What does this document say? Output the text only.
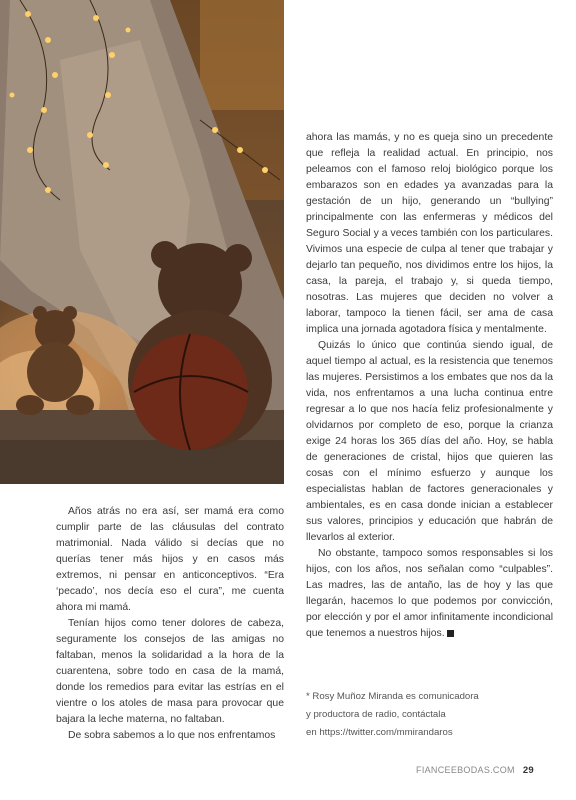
ahora las mamás, y no es queja sino un precedente que refleja la realidad actual. En principio, nos peleamos con el famoso reloj biológico porque los embarazos son en edades ya avanzadas para la gestación de un hijo, generando un “bullying” principalmente con las enfermeras y médicos del Seguro Social y a veces también con los particulares. Vivimos una especie de culpa al tener que trabajar y dejarlo tan pequeño, nos dividimos entre los hijos, la casa, la pareja, el trabajo y, si queda tiempo, nosotras. Las mujeres que deciden no volver a laborar, tampoco la tienen fácil, ser ama de casa implica una jornada agotadora física y mentalmente.

Quizás lo único que continúa siendo igual, de aquel tiempo al actual, es la resistencia que tenemos las mujeres. Persistimos a los embates que nos da la vida, nos enfrentamos a una lucha continua entre regresar a lo que nos hacía feliz profesionalmente y olvidarnos por completo de eso, porque la crianza exige 24 horas los 365 días del año. Hoy, se habla de generaciones de cristal, hijos que quieren las cosas con el mínimo esfuerzo y aunque los especialistas hablan de factores generacionales y ambientales, es en casa donde inician a establecer sus valores, principios y educación que habrán de llevarlos al exterior.

No obstante, tampoco somos responsables si los hijos, con los años, nos señalan como “culpables”. Las madres, las de antaño, las de hoy y las que llegarán, hacemos lo que podemos por convicción, por elección y por el amor infinitamente incondicional que tenemos a nuestros hijos.

Años atrás no era así, ser mamá era como cumplir parte de las cláusulas del contrato matrimonial. Nada válido si decías que no querías tener más hijos y en casos más extremos, ni pensar en anticonceptivos. “Era ‘pecado’, nos decía eso el cura”, me cuenta ahora mi mamá.

Tenían hijos como tener dolores de cabeza, seguramente los consejos de las amigas no faltaban, menos la solidaridad a la hora de la cuarentena, sobre todo en casa de la mamá, donde los remedios para evitar las estrías en el vientre o los atoles de masa para provocar que bajara la leche materna, no faltaban.

De sobra sabemos a lo que nos enfrentamos

* Rosy Muñoz Miranda es comunicadora

y productora de radio, contáctala

en https://twitter.com/mmirandaros

FIANCEEBODAS.COM 29
